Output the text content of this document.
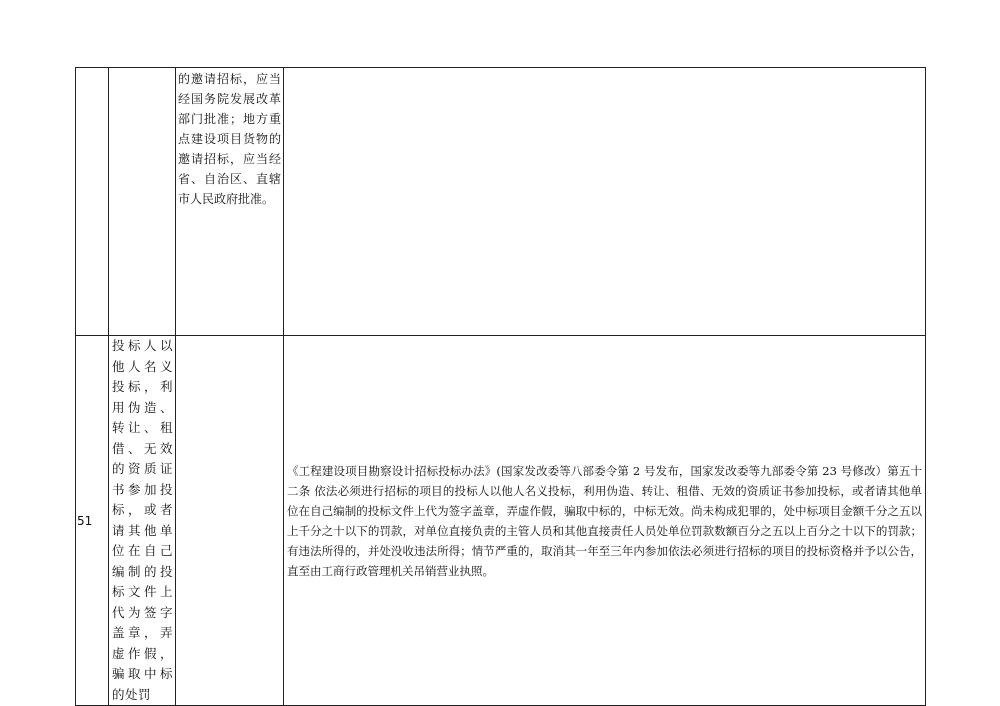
		的邀请招标，应当经国务院发展改革部门批准；地方重点建设项目货物的邀请招标，应当经省、自治区、直辖市人民政府批准。	

51	投标人以他人名义投标，利用伪造、转让、租借、无效的资质证书参加投标，或者请其他单位在自己编制的投标文件上代为签字盖章，弄虚作假，骗取中标的处罚		《工程建设项目勘察设计招标投标办法》(国家发改委等八部委令第 2 号发布，国家发改委等九部委令第 23 号修改）第五十二条 依法必须进行招标的项目的投标人以他人名义投标，利用伪造、转让、租借、无效的资质证书参加投标，或者请其他单位在自己编制的投标文件上代为签字盖章，弄虚作假，骗取中标的，中标无效。尚未构成犯罪的，处中标项目金额千分之五以上千分之十以下的罚款，对单位直接负责的主管人员和其他直接责任人员处单位罚款数额百分之五以上百分之十以下的罚款；有违法所得的，并处没收违法所得；情节严重的，取消其一年至三年内参加依法必须进行招标的项目的投标资格并予以公告，直至由工商行政管理机关吊销营业执照。
